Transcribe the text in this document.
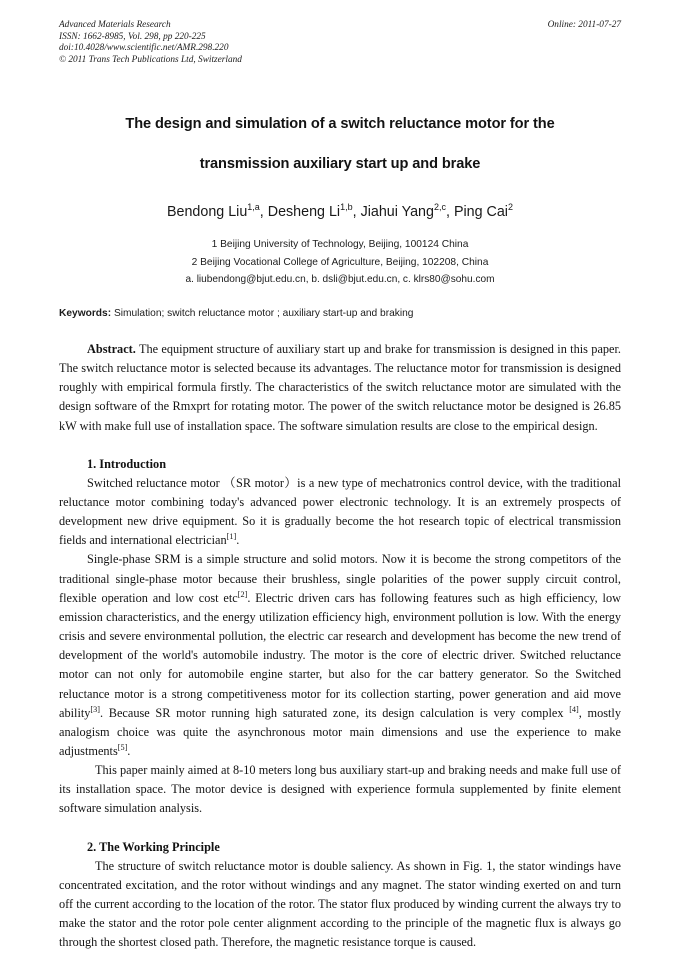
Advanced Materials Research
ISSN: 1662-8985, Vol. 298, pp 220-225
doi:10.4028/www.scientific.net/AMR.298.220
© 2011 Trans Tech Publications Ltd, Switzerland
Online: 2011-07-27
The design and simulation of a switch reluctance motor for the
transmission auxiliary start up and brake
Bendong Liu$^{1,a}$, Desheng Li$^{1,b}$, Jiahui Yang$^{2,c}$, Ping Cai$^2$
1 Beijing University of Technology, Beijing, 100124 China
2 Beijing Vocational College of Agriculture, Beijing, 102208, China
a. liubendong@bjut.edu.cn, b. dsli@bjut.edu.cn, c. klrs80@sohu.com
Keywords: Simulation; switch reluctance motor ; auxiliary start-up and braking

Abstract. The equipment structure of auxiliary start up and brake for transmission is designed in this paper. The switch reluctance motor is selected because its advantages. The reluctance motor for transmission is designed roughly with empirical formula firstly. The characteristics of the switch reluctance motor are simulated with the design software of the Rmxprt for rotating motor. The power of the switch reluctance motor be designed is 26.85 kW with make full use of installation space. The software simulation results are close to the empirical design.

1. Introduction

Switched reluctance motor （SR motor）is a new type of mechatronics control device, with the traditional reluctance motor combining today's advanced power electronic technology. It is an extremely prospects of development new drive equipment. So it is gradually become the hot research topic of electrical transmission fields and international electrician[1].

Single-phase SRM is a simple structure and solid motors. Now it is become the strong competitors of the traditional single-phase motor because their brushless, single polarities of the power supply circuit control, flexible operation and low cost etc[2]. Electric driven cars has following features such as high efficiency, low emission characteristics, and the energy utilization efficiency high, environment pollution is low. With the energy crisis and severe environmental pollution, the electric car research and development has become the new trend of development of the world's automobile industry. The motor is the core of electric driver. Switched reluctance motor can not only for automobile engine starter, but also for the car battery generator. So the Switched reluctance motor is a strong competitiveness motor for its collection starting, power generation and aid move ability[3]. Because SR motor running high saturated zone, its design calculation is very complex [4], mostly analogism choice was quite the asynchronous motor main dimensions and use the experience to make adjustments[5].

This paper mainly aimed at 8-10 meters long bus auxiliary start-up and braking needs and make full use of its installation space. The motor device is designed with experience formula supplemented by finite element software simulation analysis.

2. The Working Principle

The structure of switch reluctance motor is double saliency. As shown in Fig. 1, the stator windings have concentrated excitation, and the rotor without windings and any magnet. The stator winding exerted on and turn off the current according to the location of the rotor. The stator flux produced by winding current the always try to make the stator and the rotor pole center alignment according to the principle of the magnetic flux is always go through the shortest closed path. Therefore, the magnetic resistance torque is caused.
